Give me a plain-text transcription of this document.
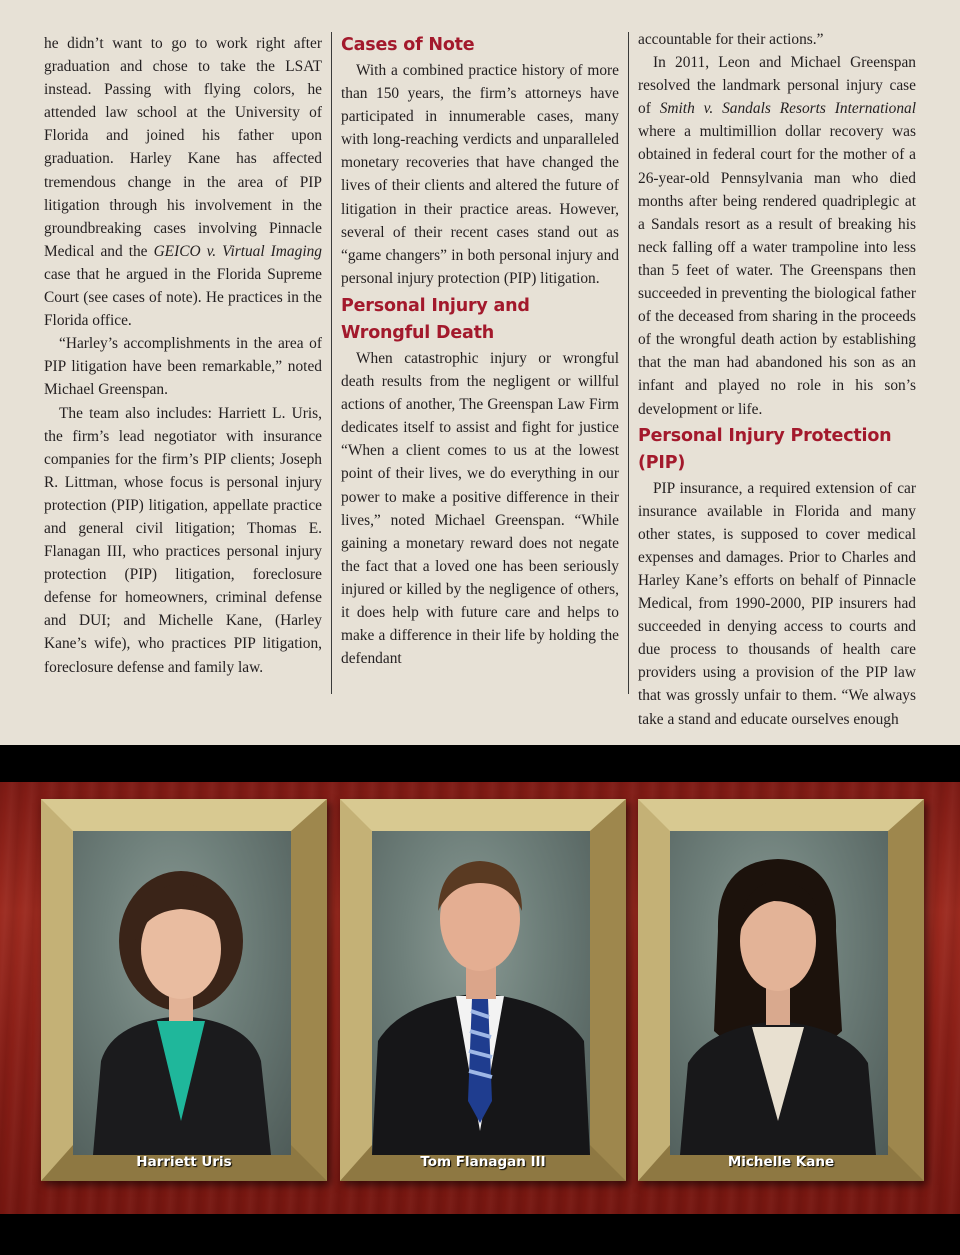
he didn’t want to go to work right after graduation and chose to take the LSAT instead. Passing with flying colors, he attended law school at the University of Florida and joined his father upon graduation. Harley Kane has affected tremendous change in the area of PIP litigation through his involvement in the groundbreaking cases involving Pinnacle Medical and the GEICO v. Virtual Imaging case that he argued in the Florida Supreme Court (see cases of note). He practices in the Florida office.

“Harley’s accomplishments in the area of PIP litigation have been remarkable,” noted Michael Greenspan.

The team also includes: Harriett L. Uris, the firm’s lead negotiator with insurance companies for the firm’s PIP clients; Joseph R. Littman, whose focus is personal injury protection (PIP) litigation, appellate practice and general civil litigation; Thomas E. Flanagan III, who practices personal injury protection (PIP) litigation, foreclosure defense for homeowners, criminal defense and DUI; and Michelle Kane, (Harley Kane’s wife), who practices PIP litigation, foreclosure defense and family law.

Cases of Note

With a combined practice history of more than 150 years, the firm’s attorneys have participated in innumerable cases, many with long-reaching verdicts and unparalleled monetary recoveries that have changed the lives of their clients and altered the future of litigation in their practice areas. However, several of their recent cases stand out as “game changers” in both personal injury and personal injury protection (PIP) litigation.

Personal Injury and
Wrongful Death

When catastrophic injury or wrongful death results from the negligent or willful actions of another, The Greenspan Law Firm dedicates itself to assist and fight for justice “When a client comes to us at the lowest point of their lives, we do everything in our power to make a positive difference in their lives,” noted Michael Greenspan. “While gaining a monetary reward does not negate the fact that a loved one has been seriously injured or killed by the negligence of others, it does help with future care and helps to make a difference in their life by holding the defendant

accountable for their actions.”

In 2011, Leon and Michael Greenspan resolved the landmark personal injury case of Smith v. Sandals Resorts International where a multimillion dollar recovery was obtained in federal court for the mother of a 26-year-old Pennsylvania man who died months after being rendered quadriplegic at a Sandals resort as a result of breaking his neck falling off a water trampoline into less than 5 feet of water. The Greenspans then succeeded in preventing the biological father of the deceased from sharing in the proceeds of the wrongful death action by establishing that the man had abandoned his son as an infant and played no role in his son’s development or life.

Personal Injury Protection (PIP)

PIP insurance, a required extension of car insurance available in Florida and many other states, is supposed to cover medical expenses and damages. Prior to Charles and Harley Kane’s efforts on behalf of Pinnacle Medical, from 1990-2000, PIP insurers had succeeded in denying access to courts and due process to thousands of health care providers using a provision of the PIP law that was grossly unfair to them. “We always take a stand and educate ourselves enough

Harriett Uris	Tom Flanagan III	Michelle Kane
